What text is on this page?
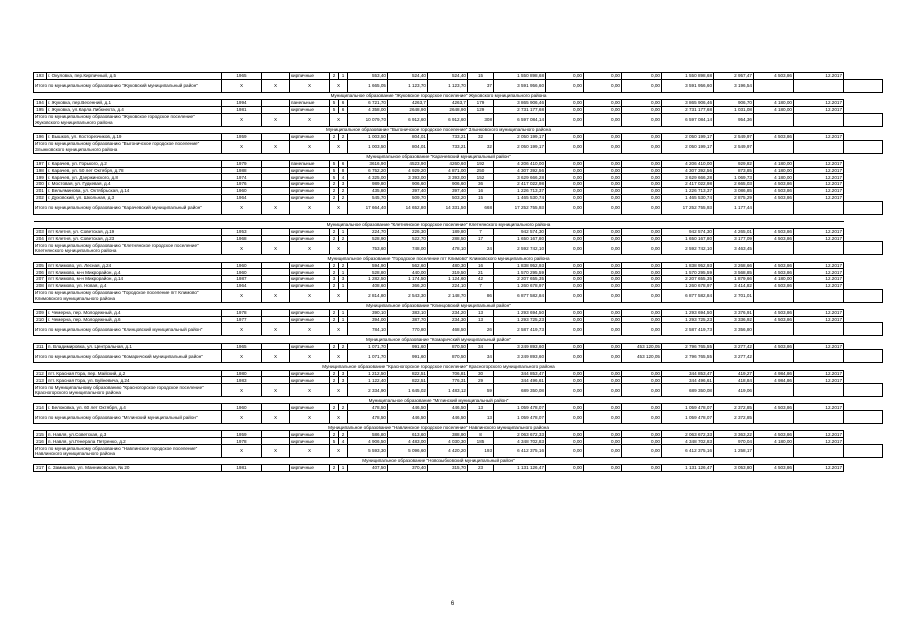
193	г. Окуловка, пер.Кирпичный, д.5	1965		кирпичные	2	1	553,40	524,40	524,40	15	1 550 898,68	0,00	0,00	0,00	1 550 898,68	2 957,47	4 503,86	12.2017	
Итого по муниципальному образованию "Жуковский муниципальный район"		X	X	X	X		1 665,05	1 123,70	1 123,70	37	3 591 956,60	0,00	0,00	0,00	3 591 956,60	3 196,54			
Муниципальное образование "Жуковское городское поселение" Жуковского муниципального района																			
194	г. Жуковка, пер.Весенний, д.1	1994		панельные	5	6	6 721,70	4263,7	4263,7	179	3 865 906,46	0,00	0,00	0,00	3 865 906,46	906,70	4 180,00	12.2017	
195	г. Жуковка, ул.Карла Либкнехта, д.4	1981		кирпичные	5	6	4 358,00	2648,90	2648,90	129	2 731 177,68	0,00	0,00	0,00	2 731 177,68	1 031,08	4 180,00	12.2017	
Итого по муниципальному образованию "Жуковское городское поселение" Жуковского муниципального района		X	X	X	X		10 079,70	6 912,60	6 912,60	308	6 597 084,14	0,00	0,00	0,00	6 597 084,14	954,36			
Муниципальное образование "Выгоничское городское поселение" Злынковского муниципального района																			
196	г. Вышков, ул. Косторезчиков, д.19	1959		кирпичные	2	2	1 003,50	804,01	733,21	32	2 050 199,17	0,00	0,00	0,00	2 050 199,17	2 549,97	4 503,86	12.2017	
Итого по муниципальному образованию "Выгоничское городское поселение" Злынковского муниципального района		X	X	X	X		1 003,50	804,01	733,21	32	2 050 199,17	0,00	0,00	0,00	2 050 199,17	2 549,97			
Муниципальное образование "Карачевский муниципальный район"																			
197	г. Карачев, ул. Горького, д.2	1979		панельные	5	6	3616,90	4523,90	4260,60	192	4 206 410,00	0,00	0,00	0,00	4 206 410,00	929,82	4 180,00	12.2017	
198	г. Карачев, ул. 50 лет Октября, д.78	1988		кирпичные	5	8	6 752,20	4 929,20	4 871,00	250	4 307 392,56	0,00	0,00	0,00	4 307 392,56	873,85	4 180,00	12.2017	
199	г. Карачев, ул. Дзержинского, д.8	1974		кирпичные	5	4	4 325,00	3 393,00	3 393,00	152	3 629 666,28	0,00	0,00	0,00	3 629 666,28	1 069,73	4 180,00	12.2017	
200	г. Мостовая, ул. Гудкевая, д.4	1976		кирпичные	2	3	989,80	906,60	906,60	36	2 417 022,98	0,00	0,00	0,00	2 417 022,98	2 665,03	4 503,86	12.2017	
201	г. Вельяминова, ул. Октябрьская, д.14	1960		кирпичные	2	2	435,80	397,40	397,40	16	1 226 713,37	0,00	0,00	0,00	1 226 713,37	3 086,85	4 503,86	12.2017	
202	г. Духовский, ул. Школьная, д.3	1964		кирпичные	2	2	545,70	509,70	503,20	15	1 465 530,74	0,00	0,00	0,00	1 465 530,74	2 875,29	4 503,86	12.2017	
Итого по муниципальному образованию "Карачевский муниципальный район"		X	X	X	X		17 664,40	14 652,80	14 331,50	668	17 252 755,93	0,00	0,00	0,00	17 252 755,93	1 177,44			

Муниципальное образование "Клетнянское городское поселение" Клетнянского муниципального района																			
203	пгт Клетня, ул. Советская, д.19	1953		кирпичные	2	1	224,70	226,30	189,80	7	942 574,30	0,00	0,00	0,00	942 574,30	4 265,01	4 503,86	12.2017	
204	пгт Клетня, ул. Советская, д.23	1968		кирпичные	2	2	528,90	522,70	288,50	17	1 650 167,80	0,00	0,00	0,00	1 650 167,80	3 177,09	4 503,86	12.2017	
Итого по муниципальному образованию "Клетнянское городское поселение" Клетнянского муниципального района		X	X	X	X		753,60	748,00	478,10	24	2 592 742,10	0,00	0,00	0,00	2 592 742,10	3 463,45			
Муниципальное образование "Городское поселение пгт Климово" Климовского муниципального района																			
205	пгт Климово, ул. Лесная, д.24	1960		кирпичные	2	2	594,90	562,60	480,30	16	1 838 952,93	0,00	0,00	0,00	1 838 952,93	3 268,66	4 503,86	12.2017	
206	пгт Климово, м-н Микрорайон, д.4	1960		кирпичные	2	1	528,80	440,00	319,50	21	1 570 295,59	0,00	0,00	0,00	1 570 295,59	3 568,85	4 503,86	12.2017	
207	пгт Климово, м-н Микрорайон, д.14	1987		кирпичные	3	3	1 282,50	1 174,50	1 124,60	42	2 207 655,35	0,00	0,00	0,00	2 207 655,35	1 879,66	4 180,00	12.2017	
208	пгт Климово, ул. Новая, д.4	1964		кирпичные	2	1	408,60	366,20	224,10	7	1 260 678,97	0,00	0,00	0,00	1 260 678,97	3 414,82	4 503,86	12.2017	
Итого по муниципальному образованию "Городское поселение пгт Климово" Климовского муниципального района		X	X	X	X		2 814,80	2 543,30	2 148,70	86	6 877 582,84	0,00	0,00	0,00	6 877 582,84	2 701,01			
Муниципальное образование "Клинцовский муниципальный район"																			
209	г. Чемерна, пер. Молодежный, д.4	1978		кирпичные	2	1	390,10	383,10	234,20	13	1 293 694,50	0,00	0,00	0,00	1 293 694,50	3 376,91	4 503,86	12.2017	
210	г. Чемерна, пер. Молодежный, д.6	1977		кирпичные	2	1	394,00	387,70	234,30	13	1 293 725,23	0,00	0,00	0,00	1 293 725,23	3 336,92	4 503,86	12.2017	
Итого по муниципальному образованию "Клинцовский муниципальный район"		X	X	X	X		784,10	770,80	468,50	26	2 587 419,73	0,00	0,00	0,00	2 587 419,73	3 356,80			
Муниципальное образование "Комаричский муниципальный район"																			
211	п. Владимировка, ул. Центральная, д.1	1965		кирпичные	2	2	1 071,70	991,60	870,50	34	3 249 893,60	0,00	0,00	453 120,05	2 796 765,55	3 277,42	4 503,86	12.2017	
Итого по муниципальному образованию "Комаричский муниципальный район"		X	X	X	X		1 071,70	991,60	870,50	34	3 249 893,60	0,00	0,00	453 120,05	2 796 765,55	3 277,42			
Муниципальное образование "Красногорское городское поселение" Красногорского муниципального района																			
212	пгт. Красная Гора, пер. Майский, д.2	1980		кирпичные	2	3	1 212,50	822,51	706,81	30	344 853,47	0,00	0,00	0,00	344 853,47	419,27	4 984,86	12.2017	
213	пгт. Красная Гора, ул. Буйневича, д.24	1983		кирпичные	2	3	1 122,40	822,51	776,31	29	344 496,61	0,00	0,00	0,00	344 496,61	418,84	4 984,86	12.2017	
Итого по Муниципальному образованию "Красногорское городское поселение" Красногорского муниципального района		X	X	X	X		2 334,90	1 645,02	1 483,12	59	689 350,08	0,00	0,00	0,00	689 350,08	419,06			
Муниципальное образование "Мглинский муниципальный район"																			
214	г. Белоковка, ул. 60 лет Октября, д.4	1960		кирпичные	2	2	478,50	446,50	446,50	13	1 059 478,07	0,00	0,00	0,00	1 059 478,07	2 372,85	4 503,86	12.2017	
Итого по муниципальному образованию "Мглинский муниципальный район"		X	X	X	X		478,50	446,50	446,50	13	1 059 478,07	0,00	0,00	0,00	1 059 478,07	2 372,85			
Муниципальное образование "Навлинское городское поселение" Навлинского муниципального района																			
215	п. Навля, ул.Советская, д.3	1959		кирпичные	2	2	586,80	613,60	388,90	8	2 063 672,33	0,00	0,00	0,00	2 063 672,33	3 363,22	4 503,86	12.2017	
216	п. Навля, ул.Генерала Петренко, д.2	1978		кирпичные	5	4	4 906,50	4 483,00	4 030,30	185	4 348 702,83	0,00	0,00	0,00	4 348 702,83	970,04	4 180,00	12.2017	
Итого по муниципальному образованию "Навлинское городское поселение" Навлинского муниципального района		X	X	X	X		5 593,30	5 096,60	4 420,20	193	6 412 375,16	0,00	0,00	0,00	6 412 375,16	1 258,17			
Муниципальное образование "Новозыбковский муниципальный район"																			
217	с. Замишево, ул. Манниковская, № 20	1981		кирпичные	2	1	407,50	370,40	315,70	23	1 131 126,47	0,00	0,00	0,00	1 131 126,47	3 053,80	4 503,86	12.2017	
6
